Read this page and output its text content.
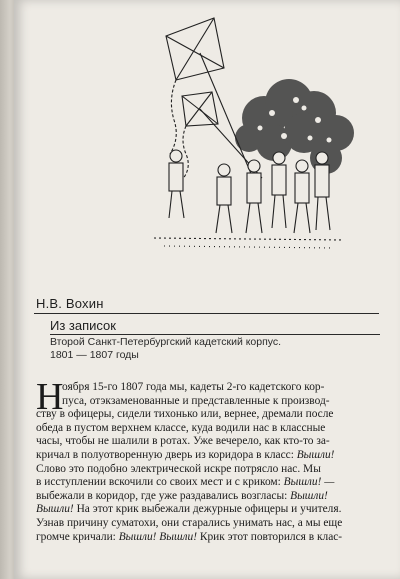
Н.В. Вохин
Из записок
Второй Санкт-Петербургский кадетский корпус.
1801 — 1807 годы
Н
оября 15-го 1807 года мы, кадеты 2-го кадетского кор-
пуса, отэкзаменованные и представленные к производ-
ству в офицеры, сидели тихонько или, вернее, дремали после
обеда в пустом верхнем классе, куда водили нас в классные
часы, чтобы не шалили в ротах. Уже вечерело, как кто-то за-
кричал в полуотворенную дверь из коридора в класс: Вышли!
Слово это подобно электрической искре потрясло нас. Мы
в исступлении вскочили со своих мест и с криком: Вышли! —
выбежали в коридор, где уже раздавались возгласы: Вышли!
Вышли! На этот крик выбежали дежурные офицеры и учителя.
Узнав причину суматохи, они старались унимать нас, а мы еще
громче кричали: Вышли! Вышли! Крик этот повторился в клас-
